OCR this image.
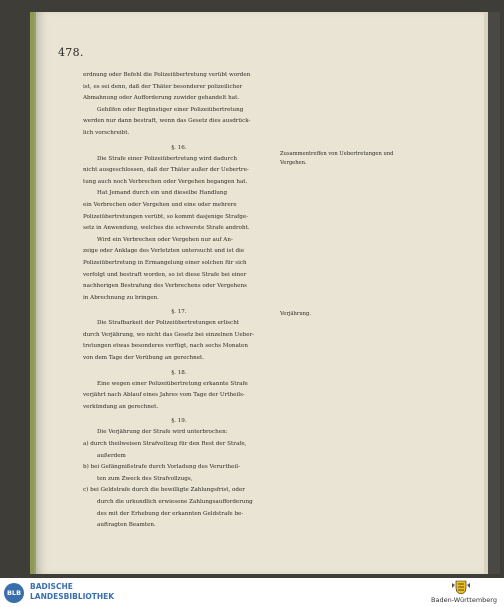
478.
erdnung oder Befehl die Polizeiübertretung verübt worden
ist, es sei denn, daß der Thäter besonderer polizeilicher
Abmahnung oder Aufforderung zuwider gehandelt hat.
Gehilfen oder Begünstiger einer Polizeiübertretung
werden nur dann bestraft, wenn das Gesetz dies ausdrück-
lich vorschreibt.
§. 16.
Die Strafe einer Polizeiübertretung wird dadurch
nicht ausgeschlossen, daß der Thäter außer der Uebertre-
tung auch noch Verbrechen oder Vergehen begangen hat.
Hat Jemand durch ein und dieselbe Handlung
ein Verbrechen oder Vergehen und eine oder mehrere
Polizeiübertretungen verübt, so kommt dasjenige Strafge-
setz in Anwendung, welches die schwerste Strafe androht.
Wird ein Verbrechen oder Vergehen nur auf An-
zeige oder Anklage des Verletzten untersucht und ist die
Polizeiübertretung in Ermangelung einer solchen für sich
verfolgt und bestraft worden, so ist diese Strafe bei einer
nachherigen Bestrafung des Verbrechens oder Vergehens
in Abrechnung zu bringen.
§. 17.
Die Strafbarkeit der Polizeiübertretungen erlischt
durch Verjährung, wo nicht das Gesetz bei einzelnen Ueber-
tretungen etwas besonderes verfügt, nach sechs Monaten
von dem Tage der Verübung an gerechnet.
§. 18.
Eine wegen einer Polizeiübertretung erkannte Strafe
verjährt nach Ablauf eines Jahres vom Tage der Urtheils-
verkündung an gerechnet.
§. 19.
Die Verjährung der Strafe wird unterbrochen:
a) durch theilweisen Strafvollzug für den Rest der Strafe,
außerdem
b) bei Gefängnißstrafe durch Vorladung des Verurtheil-
ten zum Zweck des Strafvollzugs,
c) bei Geldstrafe durch die bewilligte Zahlungsfrist, oder
durch die urkundlich erwiesene Zahlungsaufforderung
des mit der Erhebung der erkannten Geldstrafe be-
auftragten Beamten.
Zusammentreffen von Uebertretungen und
Vergehen.
Verjährung.
BLB
BADISCHE
LANDESBIBLIOTHEK	Baden-Württemberg
